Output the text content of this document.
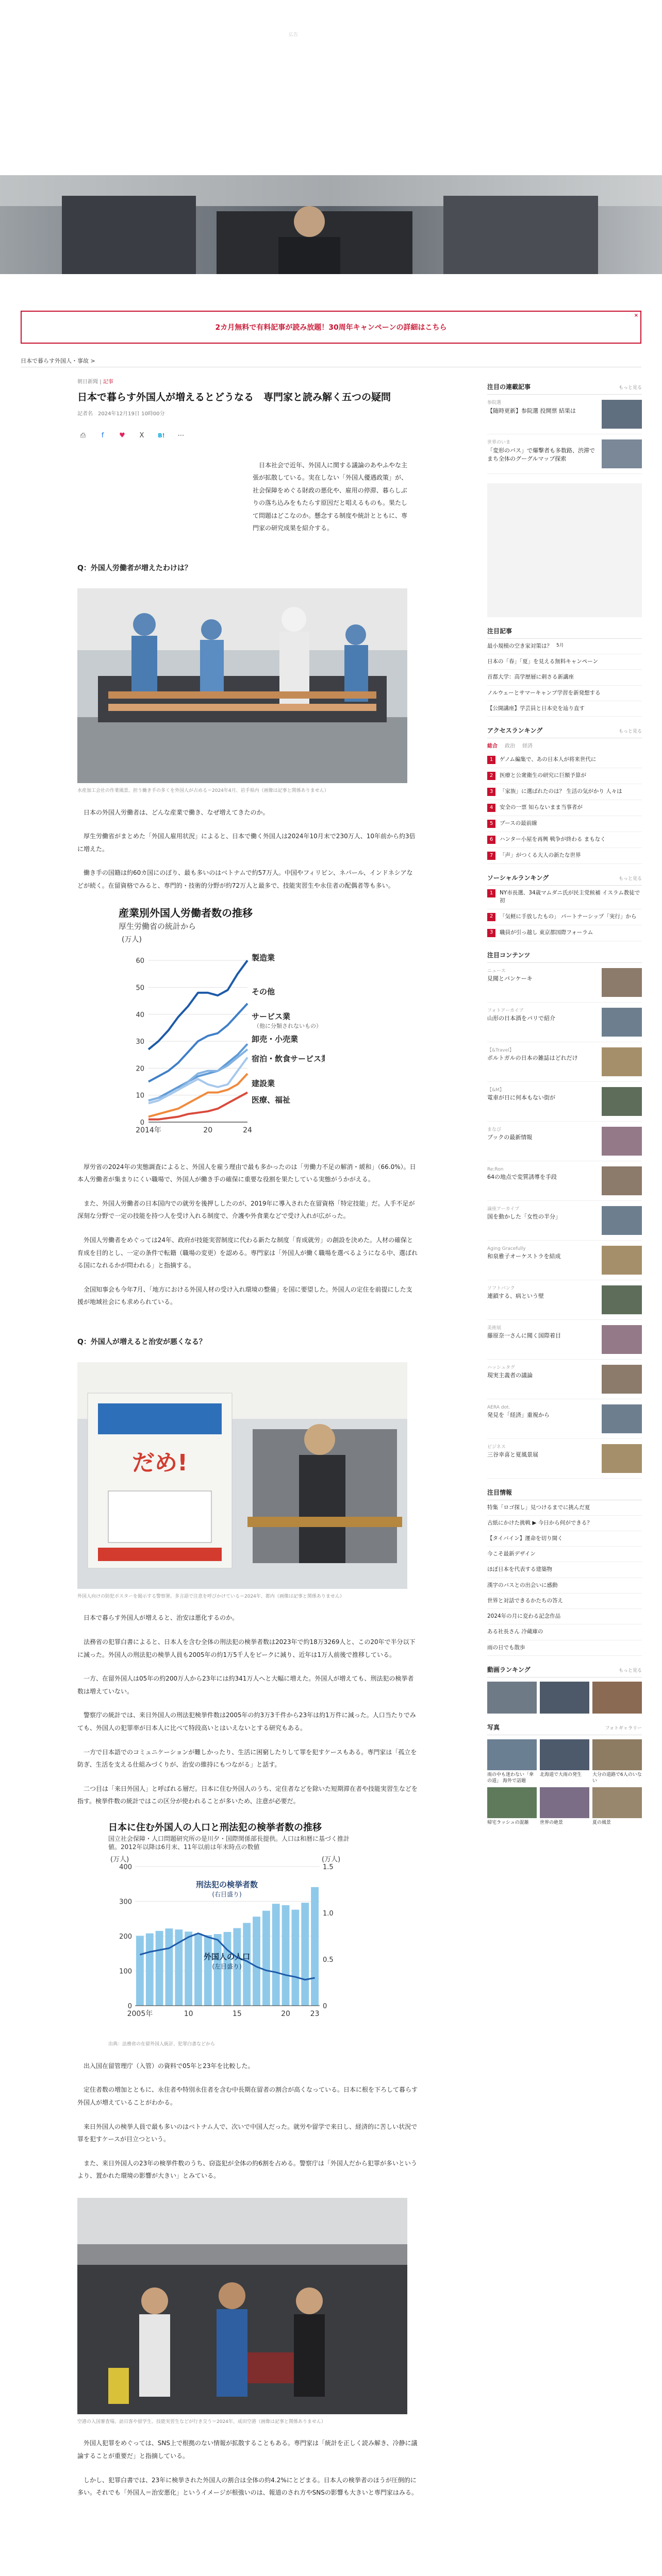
広告
2カ月無料で有料記事が読み放題！30周年キャンペーンの詳細はこちら
×
日本で暮らす外国人・事故 >
朝日新聞 | 記事
日本で暮らす外国人が増えるとどうなる　専門家と読み解く五つの疑問
記者名　2024年12月19日 10時00分
⎙	f	♥	X	B!	⋯

日本社会で近年、外国人に関する議論のあやふやな主張が拡散している。実在しない「外国人優遇政策」が、社会保障をめぐる財政の悪化や、雇用の停滞、暮らしぶりの落ち込みをもたらす原因だと唱えるものも。果たして問題はどこなのか。懸念する制度や統計とともに、専門家の研究成果を紹介する。

Q：外国人労働者が増えたわけは？
水産加工会社の作業風景。担う働き手の多くを外国人が占める＝2024年4月、岩手県内（画像は記事と関係ありません）

日本の外国人労働者は、どんな産業で働き、なぜ増えてきたのか。

厚生労働省がまとめた「外国人雇用状況」によると、日本で働く外国人は2024年10月末で230万人、10年前から約3倍に増えた。

働き手の国籍は約60カ国にのぼり、最も多いのはベトナムで約57万人。中国やフィリピン、ネパール、インドネシアなどが続く。在留資格でみると、専門的・技術的分野が約72万人と最多で、技能実習生や永住者の配偶者等も多い。

産業別外国人労働者数の推移
厚生労働省の統計から
(万人)
0
10
20
30
40
50
60
2014年	20	24
製造業
その他
サービス業
（他に分類されないもの）
卸売・小売業
宿泊・飲食サービス業
建設業
医療、福祉

厚労省の2024年の実態調査によると、外国人を雇う理由で最も多かったのは「労働力不足の解消・緩和」（66.0%）。日本人労働者が集まりにくい職場で、外国人が働き手の確保に重要な役割を果たしている実態がうかがえる。

また、外国人労働者の日本国内での就労を後押ししたのが、2019年に導入された在留資格「特定技能」だ。人手不足が深刻な分野で一定の技能を持つ人を受け入れる制度で、介護や外食業などで受け入れが広がった。

外国人労働者をめぐっては24年、政府が技能実習制度に代わる新たな制度「育成就労」の創設を決めた。人材の確保と育成を目的とし、一定の条件で転籍（職場の変更）を認める。専門家は「外国人が働く職場を選べるようになる中、選ばれる国になれるかが問われる」と指摘する。

全国知事会も今年7月、「地方における外国人材の受け入れ環境の整備」を国に要望した。外国人の定住を前提にした支援が地域社会にも求められている。

Q：外国人が増えると治安が悪くなる？
だめ!
外国人向けの防犯ポスターを掲示する警察署。多言語で注意を呼びかけている＝2024年、都内（画像は記事と関係ありません）

日本で暮らす外国人が増えると、治安は悪化するのか。

法務省の犯罪白書によると、日本人を含む全体の刑法犯の検挙者数は2023年で約18万3269人と、この20年で半分以下に減った。外国人の刑法犯の検挙人員も2005年の約1万5千人をピークに減り、近年は1万人前後で推移している。

一方、在留外国人は05年の約200万人から23年には約341万人へと大幅に増えた。外国人が増えても、刑法犯の検挙者数は増えていない。

警察庁の統計では、来日外国人の刑法犯検挙件数は2005年の約3万3千件から23年は約1万件に減った。人口当たりでみても、外国人の犯罪率が日本人に比べて特段高いとはいえないとする研究もある。

一方で日本語でのコミュニケーションが難しかったり、生活に困窮したりして罪を犯すケースもある。専門家は「孤立を防ぎ、生活を支える仕組みづくりが、治安の維持にもつながる」と話す。

二つ目は「来日外国人」と呼ばれる層だ。日本に住む外国人のうち、定住者などを除いた短期滞在者や技能実習生などを指す。検挙件数の統計ではこの区分が使われることが多いため、注意が必要だ。

日本に住む外国人の人口と刑法犯の検挙者数の推移
国立社会保障・人口問題研究所の是川夕・国際関係部長提供。人口は和暦に基づく推計値。2012年以降は6月末、11年以前は年末時点の数値
(万人)	(万人)
0
100
200
300
400
0
0.5
1.0
1.5
2005年	10	15	20	23
刑法犯の検挙者数
(右目盛り)
外国人の人口
(左目盛り)
出典：法務省の在留外国人統計、犯罪白書などから

出入国在留管理庁（入管）の資料で05年と23年を比較した。

定住者数の増加とともに、永住者や特別永住者を含む中長期在留者の割合が高くなっている。日本に根を下ろして暮らす外国人が増えていることがわかる。

来日外国人の検挙人員で最も多いのはベトナム人で、次いで中国人だった。就労や留学で来日し、経済的に苦しい状況で罪を犯すケースが目立つという。

また、来日外国人の23年の検挙件数のうち、窃盗犯が全体の約6割を占める。警察庁は「外国人だから犯罪が多いというより、置かれた環境の影響が大きい」とみている。

空港の入国審査場。訪日客や留学生、技能実習生などが行き交う＝2024年、成田空港（画像は記事と関係ありません）

外国人犯罪をめぐっては、SNS上で根拠のない情報が拡散することもある。専門家は「統計を正しく読み解き、冷静に議論することが重要だ」と指摘している。

しかし、犯罪白書では、23年に検挙された外国人の割合は全体の約4.2%にとどまる。日本人の検挙者のほうが圧倒的に多い。それでも「外国人＝治安悪化」というイメージが根強いのは、報道のされ方やSNSの影響も大きいと専門家はみる。

注目の連載記事	もっと見る
参院選
【随時更新】参院選 投開票 結果は
世界のいま
「変形のバス」で爆撃者も多数路、渋滞でまち全体のグーグルマップ探索
注目記事
最小規模の空き家対策は？ 5月
日本の「春」「夏」を見える無料キャンペーン
首都大学：高学歴層に刺さる新講座
ノルウェーとサマーキャンプ学習を新発想する
【公開講座】学芸員と日本史を辿り直す
アクセスランキング	もっと見る
総合 政治 経済
1	ゲノム編集で、あの日本人が将来世代に
2	医療と公衆衛生の研究に巨額予算が
3	「家族」に選ばれたのは？ 生活の気がかり 人々は
4	安全の一票 知らないまま当事者が
5	ブースの最前線
6	ハンター小屋を再興 戦争が終わる まもなく
7	「声」がつくる大人の新たな世界
ソーシャルランキング	もっと見る
1	NY市長選、34歳マムダニ氏が民主党候補 イスラム教徒で初
2	「気軽に手放したもの」 パートナーシップ「実行」から
3	職員が引っ越し 東京都国際フォーラム
注目コンテンツ
ニュース
見聞とパンケーキ
フォトアーカイブ
山形の日本酒をパリで紹介
【&Travel】
ポルトガルの日本の雑誌はどれだけ
【&M】
電車が日に何本もない街が
まなび
ブックの最新情報
Re:Ron
64の地点で変質誘導を手段
論座アーカイブ
国を動かした「女性の半分」
Aging Gracefully
和泉雅子オーケストラを結成
ソフトバンク
連鎖する、病という壁
美術展
藤原奈一さんに聞く国際着目
ハッシュタグ
現実主義者の議論
AERA dot.
発見を「経済」重視から
ビジネス
三谷幸喜と夏風景展
注目情報
特集「ロゴ探し」見つけるまでに挑んだ夏
古紙にかけた挑戦 ▶ 今日から何ができる？
【タイバイン】運命を切り開く
今こそ最新デザイン
ほぼ日本を代表する建築物
漢字のバスとの出会いに感動
世界と対話できるかたちの答え
2024年の月に変わる記念作品
ある社長さん 冷蔵庫の
雨の日でも散歩
動画ランキング	もっと見る
写真	フォトギャラリー
雨の中も迷わない「傘の道」 海外で話題
北海道で大雨の発生	大分の道路で6人のいない
帰宅ラッシュの混雑	世界の絶景	夏の風景
